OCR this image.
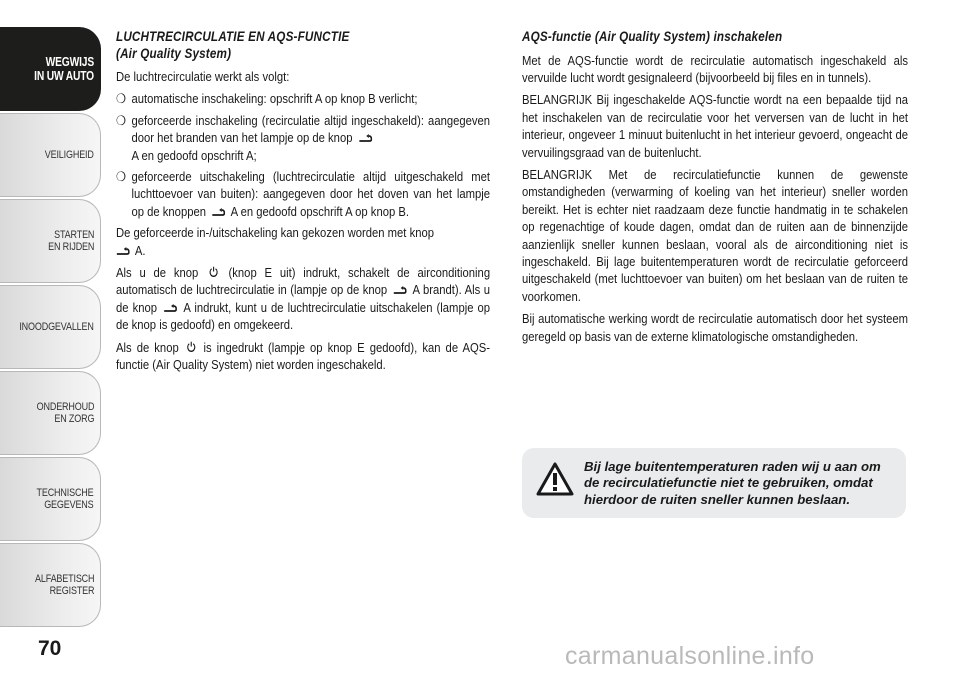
WEGWIJS
IN UW AUTO
VEILIGHEID
STARTEN
EN RIJDEN
INOODGEVALLEN
ONDERHOUD
EN ZORG
TECHNISCHE
GEGEVENS
ALFABETISCH
REGISTER
70
LUCHTRECIRCULATIE EN AQS-FUNCTIE
(Air Quality System)

De luchtrecirculatie werkt als volgt:

❍ automatische inschakeling: opschrift A op knop B verlicht;
❍ geforceerde inschakeling (recirculatie altijd ingeschakeld): aangegeven door het branden van het lampje op de knop
A en gedoofd opschrift A;
❍ geforceerde uitschakeling (luchtrecirculatie altijd uitgeschakeld met luchttoevoer van buiten): aangegeven door het doven van het lampje op de knoppen A en gedoofd opschrift A op knop B.

De geforceerde in-/uitschakeling kan gekozen worden met knop
A.

Als u de knop (knop E uit) indrukt, schakelt de airconditioning automatisch de luchtrecirculatie in (lampje op de knop A brandt). Als u de knop A indrukt, kunt u de luchtrecirculatie uitschakelen (lampje op de knop is gedoofd) en omgekeerd.

Als de knop is ingedrukt (lampje op knop E gedoofd), kan de AQS-functie (Air Quality System) niet worden ingeschakeld.

AQS-functie (Air Quality System) inschakelen

Met de AQS-functie wordt de recirculatie automatisch ingeschakeld als vervuilde lucht wordt gesignaleerd (bijvoorbeeld bij files en in tunnels).

BELANGRIJK Bij ingeschakelde AQS-functie wordt na een bepaalde tijd na het inschakelen van de recirculatie voor het verversen van de lucht in het interieur, ongeveer 1 minuut buitenlucht in het interieur gevoerd, ongeacht de vervuilingsgraad van de buitenlucht.

BELANGRIJK Met de recirculatiefunctie kunnen de gewenste omstandigheden (verwarming of koeling van het interieur) sneller worden bereikt. Het is echter niet raadzaam deze functie handmatig in te schakelen op regenachtige of koude dagen, omdat dan de ruiten aan de binnenzijde aanzienlijk sneller kunnen beslaan, vooral als de airconditioning niet is ingeschakeld. Bij lage buitentemperaturen wordt de recirculatie geforceerd uitgeschakeld (met luchttoevoer van buiten) om het beslaan van de ruiten te voorkomen.

Bij automatische werking wordt de recirculatie automatisch door het systeem geregeld op basis van de externe klimatologische omstandigheden.

Bij lage buitentemperaturen raden wij u aan om de recirculatiefunctie niet te gebruiken, omdat hierdoor de ruiten sneller kunnen beslaan.
carmanualsonline.info
